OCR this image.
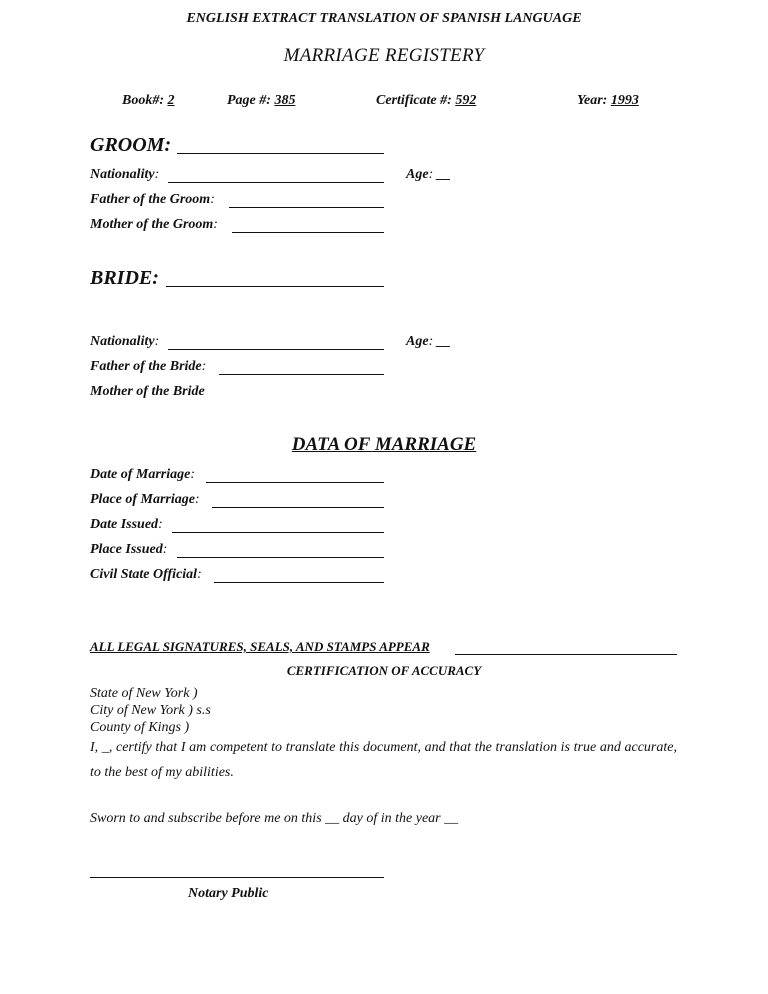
ENGLISH EXTRACT TRANSLATION OF SPANISH LANGUAGE
MARRIAGE REGISTERY
Book#: 2	Page #: 385	Certificate #: 592	Year: 1993
GROOM:
Nationality:	Age: __
Father of the Groom:
Mother of the Groom:
BRIDE:
Nationality:	Age: __
Father of the Bride:
Mother of the Bride
DATA OF MARRIAGE
Date of Marriage:
Place of Marriage:
Date Issued:
Place Issued:
Civil State Official:
ALL LEGAL SIGNATURES, SEALS, AND STAMPS APPEAR
CERTIFICATION OF ACCURACY
State of New York )
City of New York ) s.s
County of Kings )
I, _, certify that I am competent to translate this document, and that the translation is true and accurate, to the best of my abilities.
Sworn to and subscribe before me on this __ day of in the year __
Notary Public
